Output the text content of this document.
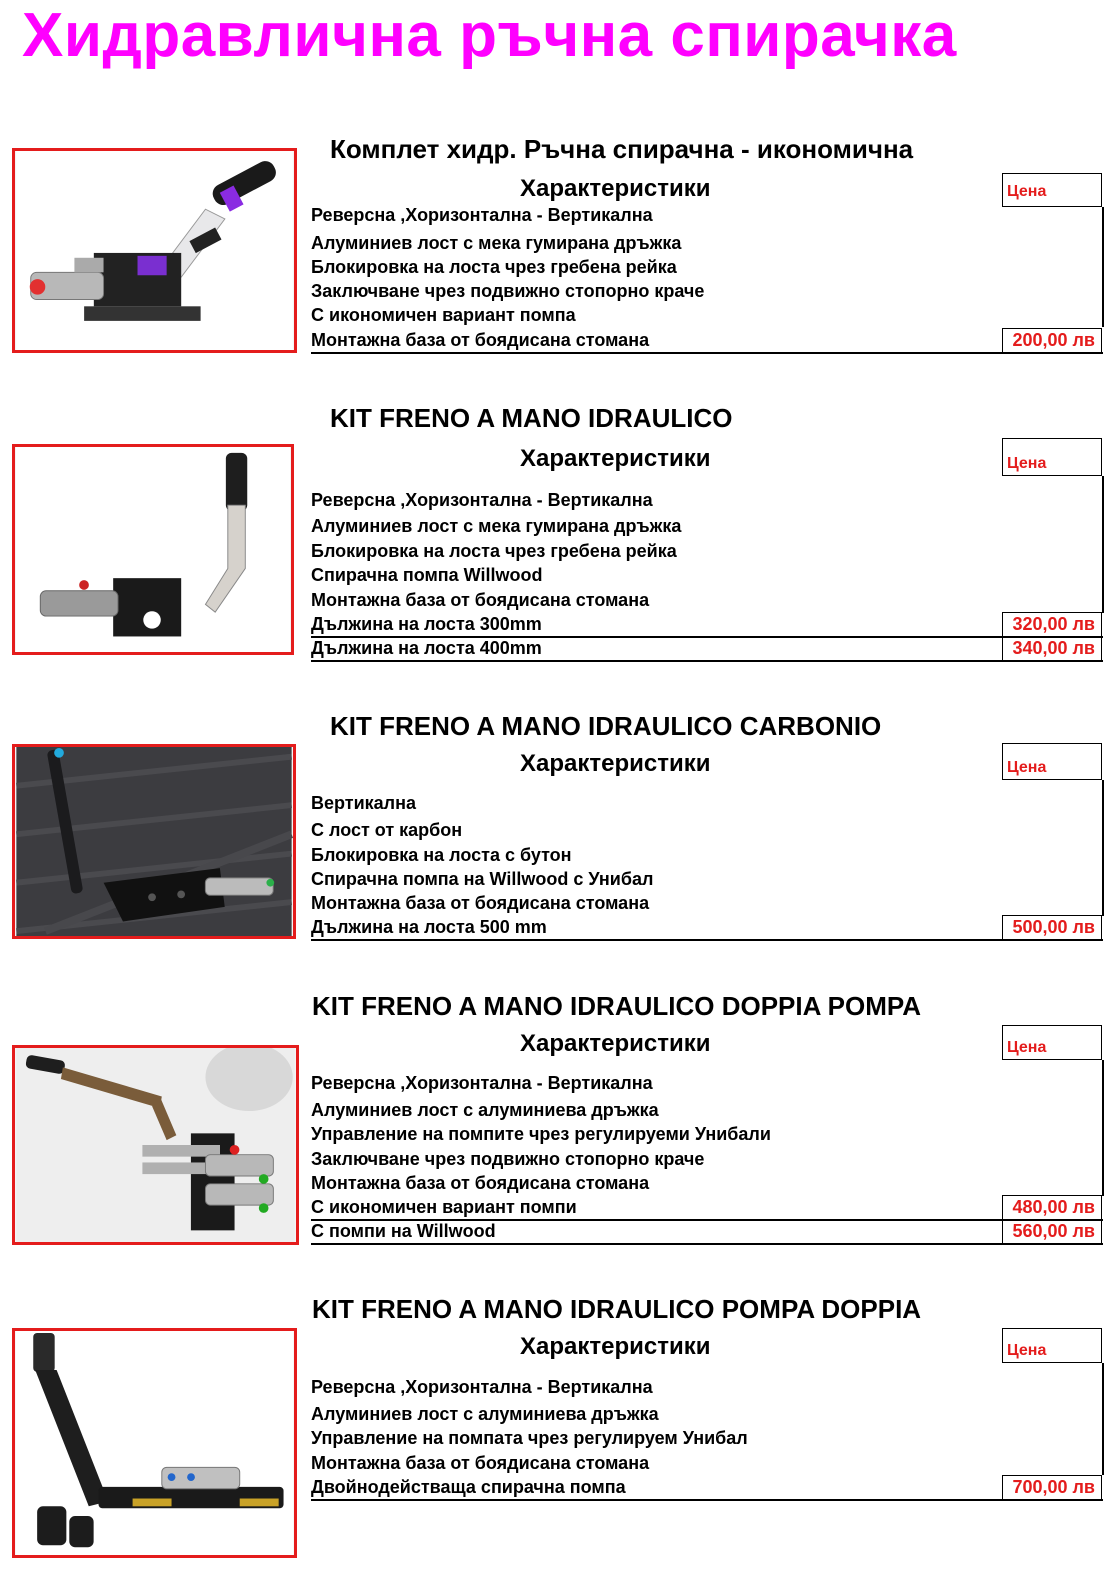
Хидравлична ръчна спирачка
Комплет хидр. Ръчна спирачна - икономична
Характеристики	Цена
Реверсна ,Хоризонтална - Вертикална
Алуминиев лост с мека гумирана дръжка
Блокировка на лоста чрез гребена рейка
Заключване чрез подвижно стопорно краче
С икономичен вариант помпа
Монтажна база от боядисана стомана	200,00 лв
KIT FRENO A MANO IDRAULICO
Характеристики	Цена
Реверсна ,Хоризонтална - Вертикална
Алуминиев лост с мека гумирана дръжка
Блокировка на лоста чрез гребена рейка
Спирачна помпа Willwood
Монтажна база от боядисана стомана
Дължина на лоста 300mm	320,00 лв
Дължина на лоста 400mm	340,00 лв
KIT FRENO A MANO IDRAULICO CARBONIO
Характеристики	Цена
Вертикална
С лост от карбон
Блокировка на лоста с бутон
Спирачна помпа на Willwood с Унибал
Монтажна база от боядисана стомана
Дължина на лоста 500 mm	500,00 лв
KIT FRENO A MANO IDRAULICO DOPPIA POMPA
Характеристики	Цена
Реверсна ,Хоризонтална - Вертикална
Алуминиев лост с алуминиева дръжка
Управление на помпите чрез регулируеми Унибали
Заключване чрез подвижно стопорно краче
Монтажна база от боядисана стомана
С икономичен вариант помпи	480,00 лв
С помпи на Willwood	560,00 лв
KIT FRENO A MANO IDRAULICO POMPA DOPPIA
Характеристики	Цена
Реверсна ,Хоризонтална - Вертикална
Алуминиев лост с алуминиева дръжка
Управление на помпата чрез регулируем Унибал
Монтажна база от боядисана стомана
Двойнодействаща спирачна помпа	700,00 лв
